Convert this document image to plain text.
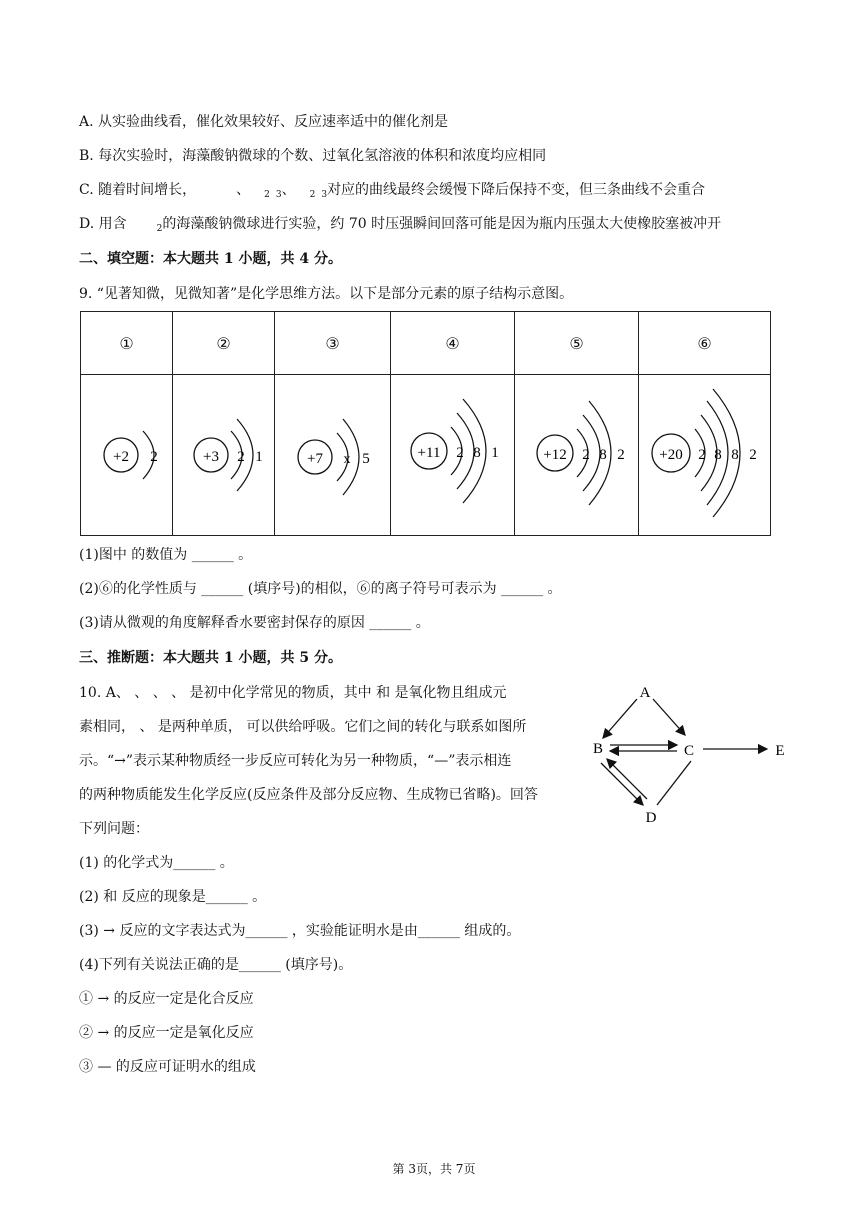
A. 从实验曲线看，催化效果较好、反应速率适中的催化剂是
B. 每次实验时，海藻酸钠微球的个数、过氧化氢溶液的体积和浓度均应相同
C. 随着时间增长，	、 $_2$ $_3$、 $_2$ $_3$对应的曲线最终会缓慢下降后保持不变，但三条曲线不会重合
D. 用含	$_2$的海藻酸钠微球进行实验，约 70 时压强瞬间回落可能是因为瓶内压强太大使橡胶塞被冲开
二、填空题：本大题共 1 小题，共 4 分。
9. “见著知微，见微知著”是化学思维方法。以下是部分元素的原子结构示意图。
①	②	③	④	⑤	⑥

+2 2	+3 2 1	+7 x 5	+11 2 8 1	+12 2 8 2	+20 2 8 8 2
(1)图中 的数值为 ______ 。
(2)⑥的化学性质与 ______ (填序号)的相似，⑥的离子符号可表示为 ______ 。
(3)请从微观的角度解释香水要密封保存的原因 ______ 。
三、推断题：本大题共 1 小题，共 5 分。
10. A、 、 、 、 是初中化学常见的物质，其中 和 是氧化物且组成元
素相同， 、 是两种单质， 可以供给呼吸。它们之间的转化与联系如图所
示。“→”表示某种物质经一步反应可转化为另一种物质，“—”表示相连
的两种物质能发生化学反应(反应条件及部分反应物、生成物已省略)。回答
下列问题：
A
B	C
D
E
(1) 的化学式为______ 。
(2) 和 反应的现象是______ 。
(3) → 反应的文字表达式为______ ，实验能证明水是由______ 组成的。
(4)下列有关说法正确的是______ (填序号)。
① → 的反应一定是化合反应
② → 的反应一定是氧化反应
③ — 的反应可证明水的组成
第 3页，共 7页
